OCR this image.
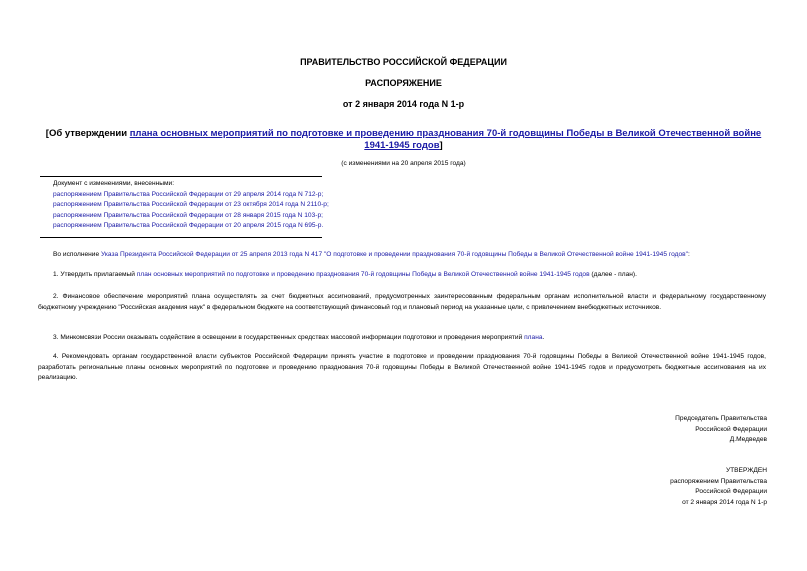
ПРАВИТЕЛЬСТВО РОССИЙСКОЙ ФЕДЕРАЦИИ
РАСПОРЯЖЕНИЕ
от 2 января 2014 года N 1-р
[Об утверждении плана основных мероприятий по подготовке и проведению празднования 70-й годовщины Победы в Великой Отечественной войне 1941-1945 годов]
(с изменениями на 20 апреля 2015 года)
Документ с изменениями, внесенными:
распоряжением Правительства Российской Федерации от 29 апреля 2014 года N 712-р;
распоряжением Правительства Российской Федерации от 23 октября 2014 года N 2110-р;
распоряжением Правительства Российской Федерации от 28 января 2015 года N 103-р;
распоряжением Правительства Российской Федерации от 20 апреля 2015 года N 695-р.
Во исполнение Указа Президента Российской Федерации от 25 апреля 2013 года N 417 "О подготовке и проведении празднования 70-й годовщины Победы в Великой Отечественной войне 1941-1945 годов":
1. Утвердить прилагаемый план основных мероприятий по подготовке и проведению празднования 70-й годовщины Победы в Великой Отечественной войне 1941-1945 годов (далее - план).
2. Финансовое обеспечение мероприятий плана осуществлять за счет бюджетных ассигнований, предусмотренных заинтересованным федеральным органам исполнительной власти и федеральному государственному бюджетному учреждению "Российская академия наук" в федеральном бюджете на соответствующий финансовый год и плановый период на указанные цели, с привлечением внебюджетных источников.
3. Минкомсвязи России оказывать содействие в освещении в государственных средствах массовой информации подготовки и проведения мероприятий плана.
4. Рекомендовать органам государственной власти субъектов Российской Федерации принять участие в подготовке и проведении празднования 70-й годовщины Победы в Великой Отечественной войне 1941-1945 годов, разработать региональные планы основных мероприятий по подготовке и проведению празднования 70-й годовщины Победы в Великой Отечественной войне 1941-1945 годов и предусмотреть бюджетные ассигнования на их реализацию.
Председатель Правительства
Российской Федерации
Д.Медведев
УТВЕРЖДЕН
распоряжением Правительства
Российской Федерации
от 2 января 2014 года N 1-р
